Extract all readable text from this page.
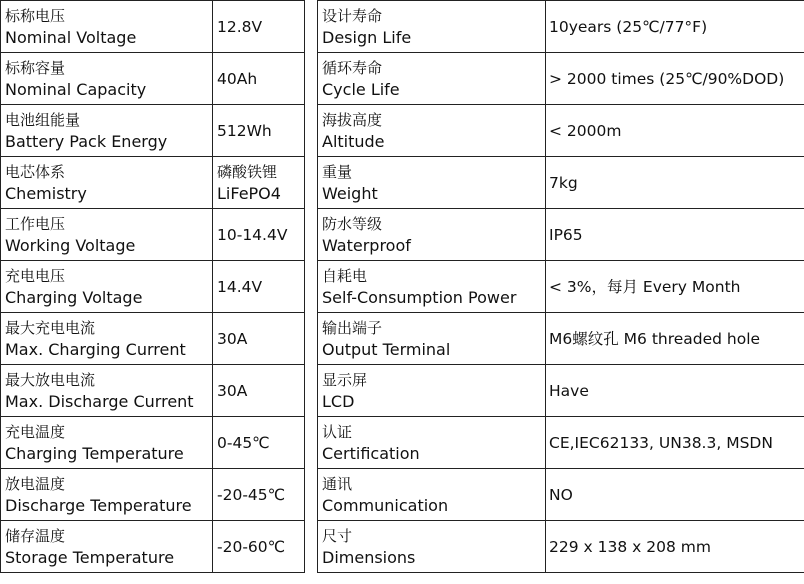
标称电压
Nominal Voltage	12.8V

标称容量
Nominal Capacity	40Ah

电池组能量
Battery Pack Energy	512Wh

电芯体系
Chemistry	磷酸铁锂
LiFePO4

工作电压
Working Voltage	10-14.4V

充电电压
Charging Voltage	14.4V

最大充电电流
Max. Charging Current	30A

最大放电电流
Max. Discharge Current	30A

充电温度
Charging Temperature	0-45℃

放电温度
Discharge Temperature	-20-45℃

储存温度
Storage Temperature	-20-60℃
设计寿命
Design Life	10years (25℃/77°F)

循环寿命
Cycle Life	> 2000 times (25℃/90%DOD)

海拔高度
Altitude	< 2000m

重量
Weight	7kg

防水等级
Waterproof	IP65

自耗电
Self-Consumption Power	< 3%，每月 Every Month

输出端子
Output Terminal	M6螺纹孔 M6 threaded hole

显示屏
LCD	Have

认证
Certification	CE,IEC62133, UN38.3, MSDN

通讯
Communication	NO

尺寸
Dimensions	229 x 138 x 208 mm
